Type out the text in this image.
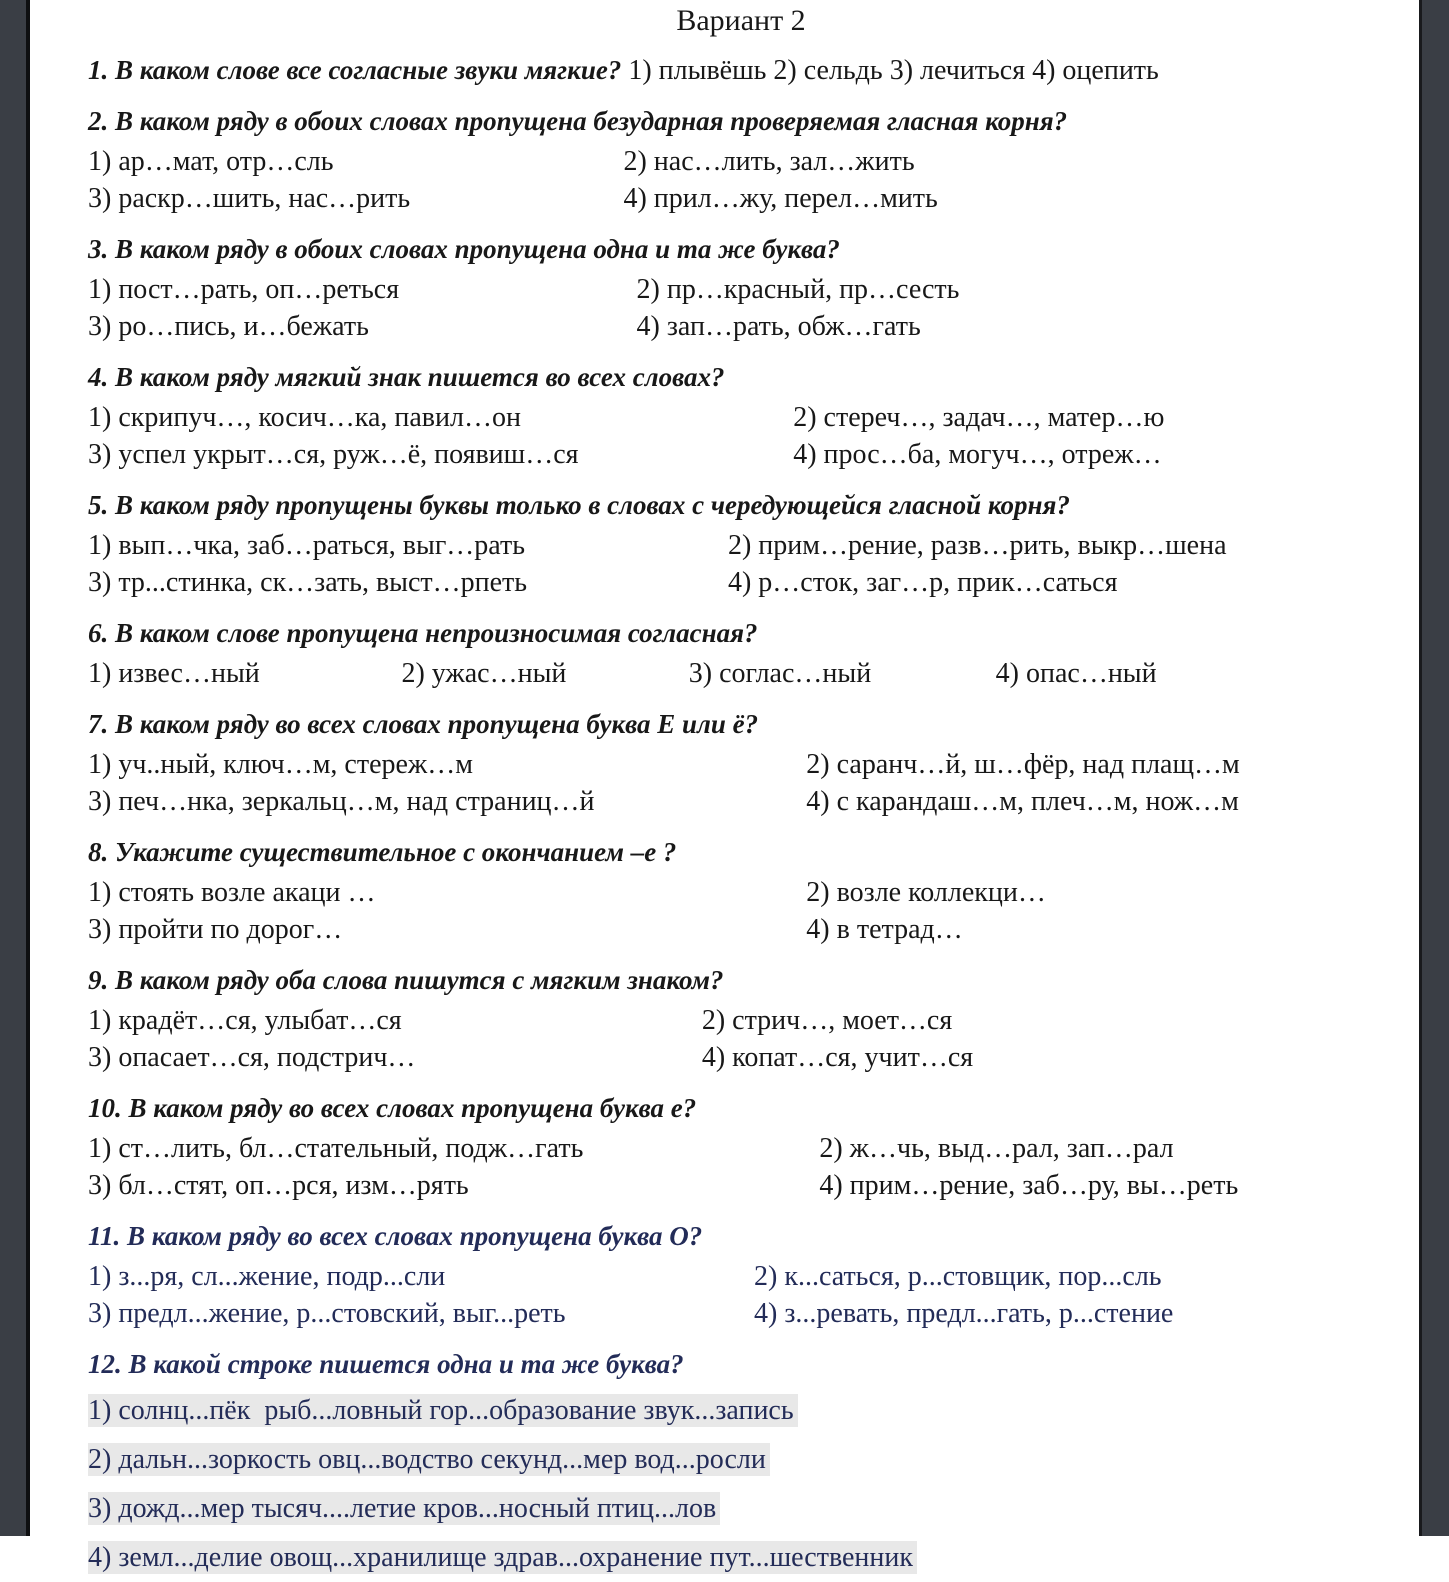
Вариант 2
1. В каком слове все согласные звуки мягкие? 1) плывёшь 2) сельдь 3) лечиться 4) оцепить
2. В каком ряду в обоих словах пропущена безударная проверяемая гласная корня?
1) ар…мат, отр…сль	2) нас…лить, зал…жить
3) раскр…шить, нас…рить	4) прил…жу, перел…мить
3. В каком ряду в обоих словах пропущена одна и та же буква?
1) пост…рать, оп…реться	2) пр…красный, пр…сесть
3) ро…пись, и…бежать	4) зап…рать, обж…гать
4. В каком ряду мягкий знак пишется во всех словах?
1) скрипуч…, косич…ка, павил…он	2) стереч…, задач…, матер…ю
3) успел укрыт…ся, руж…ё, появиш…ся	4) прос…ба, могуч…, отреж…
5. В каком ряду пропущены буквы только в словах с чередующейся гласной корня?
1) вып…чка, заб…раться, выг…рать	2) прим…рение, разв…рить, выкр…шена
3) тр...стинка, ск…зать, выст…рпеть	4) р…сток, заг…р, прик…саться
6. В каком слове пропущена непроизносимая согласная?
1) извес…ный	2) ужас…ный	3) соглас…ный	4) опас…ный
7. В каком ряду во всех словах пропущена буква Е или ё?
1) уч..ный, ключ…м, стереж…м	2) саранч…й, ш…фёр, над плащ…м
3) печ…нка, зеркальц…м, над страниц…й	4) с карандаш…м, плеч…м, нож…м
8. Укажите существительное с окончанием –е ?
1) стоять возле акаци …	2) возле коллекци…
3) пройти по дорог…	4) в тетрад…
9. В каком ряду оба слова пишутся с мягким знаком?
1) крадёт…ся, улыбат…ся	2) стрич…, моет…ся
3) опасает…ся, подстрич…	4) копат…ся, учит…ся
10. В каком ряду во всех словах пропущена буква е?
1) ст…лить, бл…стательный, подж…гать	2) ж…чь, выд…рал, зап…рал
3) бл…стят, оп…рся, изм…рять	4) прим…рение, заб…ру, вы…реть
11. В каком ряду во всех словах пропущена буква О?
1) з...ря, сл...жение, подр...сли	2) к...саться, р...стовщик, пор...сль
3) предл...жение, р...стовский, выг...реть	4) з...ревать, предл...гать, р...стение
12. В какой строке пишется одна и та же буква?
1) солнц...пёк  рыб...ловный гор...образование звук...запись
2) дальн...зоркость овц...водство секунд...мер вод...росли
3) дожд...мер тысяч....летие кров...носный птиц...лов
4) земл...делие овощ...хранилище здрав...охранение пут...шественник
